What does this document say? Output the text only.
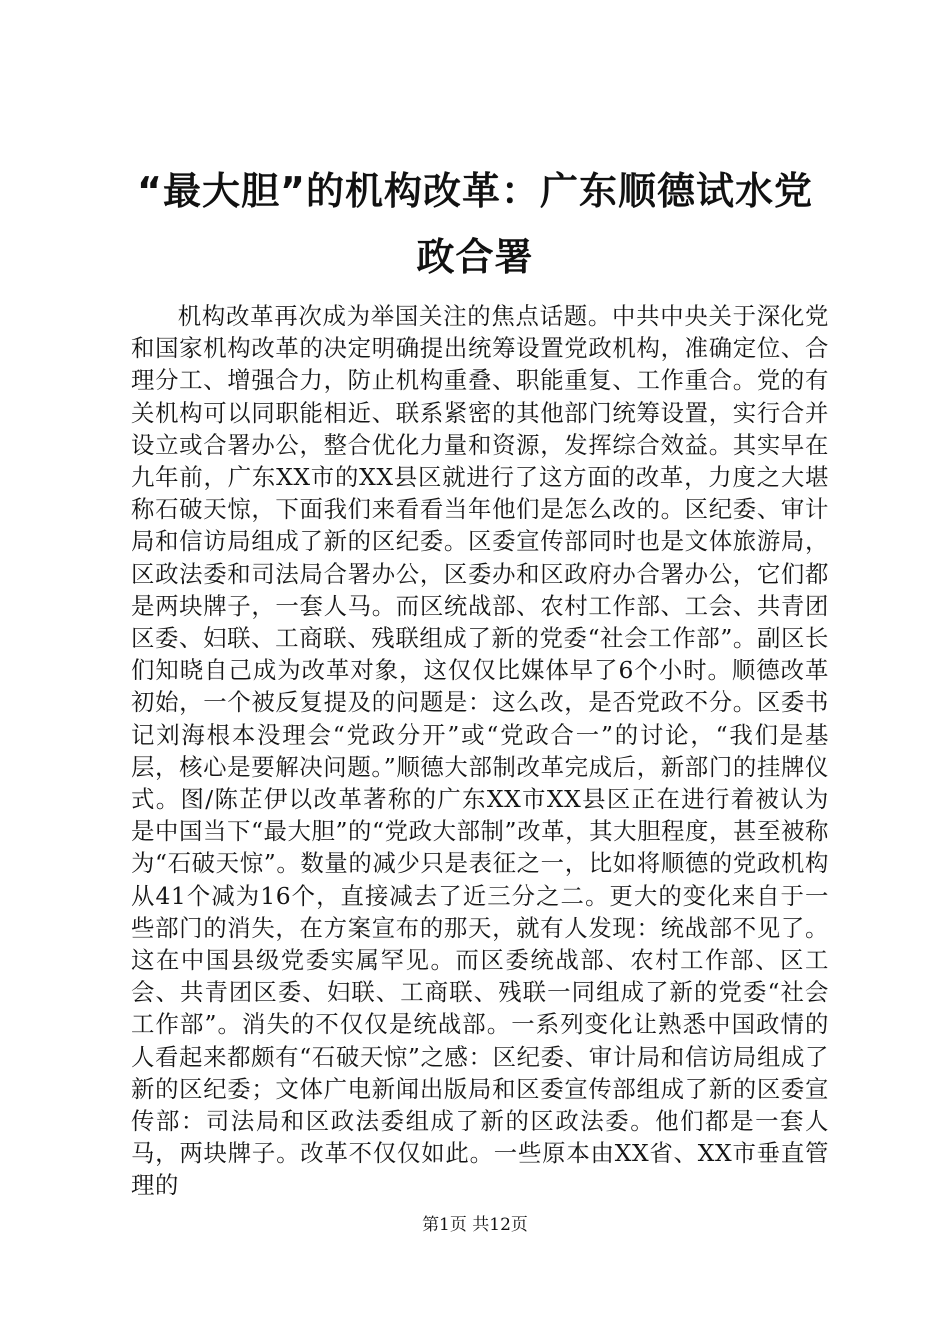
“最大胆”的机构改革：广东顺德试水党政合署

机构改革再次成为举国关注的焦点话题。中共中央关于深化党和国家机构改革的决定明确提出统筹设置党政机构，准确定位、合理分工、增强合力，防止机构重叠、职能重复、工作重合。党的有关机构可以同职能相近、联系紧密的其他部门统筹设置，实行合并设立或合署办公，整合优化力量和资源，发挥综合效益。其实早在九年前，广东XX市的XX县区就进行了这方面的改革，力度之大堪称石破天惊，下面我们来看看当年他们是怎么改的。区纪委、审计局和信访局组成了新的区纪委。区委宣传部同时也是文体旅游局，区政法委和司法局合署办公，区委办和区政府办合署办公，它们都是两块牌子，一套人马。而区统战部、农村工作部、工会、共青团区委、妇联、工商联、残联组成了新的党委“社会工作部”。副区长们知晓自己成为改革对象，这仅仅比媒体早了6个小时。顺德改革初始，一个被反复提及的问题是：这么改，是否党政不分。区委书记刘海根本没理会“党政分开”或“党政合一”的讨论，“我们是基层，核心是要解决问题。”顺德大部制改革完成后，新部门的挂牌仪式。图/陈芷伊以改革著称的广东XX市XX县区正在进行着被认为是中国当下“最大胆”的“党政大部制”改革，其大胆程度，甚至被称为“石破天惊”。数量的减少只是表征之一，比如将顺德的党政机构从41个减为16个，直接减去了近三分之二。更大的变化来自于一些部门的消失，在方案宣布的那天，就有人发现：统战部不见了。这在中国县级党委实属罕见。而区委统战部、农村工作部、区工会、共青团区委、妇联、工商联、残联一同组成了新的党委“社会工作部”。消失的不仅仅是统战部。一系列变化让熟悉中国政情的人看起来都颇有“石破天惊”之感：区纪委、审计局和信访局组成了新的区纪委；文体广电新闻出版局和区委宣传部组成了新的区委宣传部：司法局和区政法委组成了新的区政法委。他们都是一套人马，两块牌子。改革不仅仅如此。一些原本由XX省、XX市垂直管理的

第1页 共12页
